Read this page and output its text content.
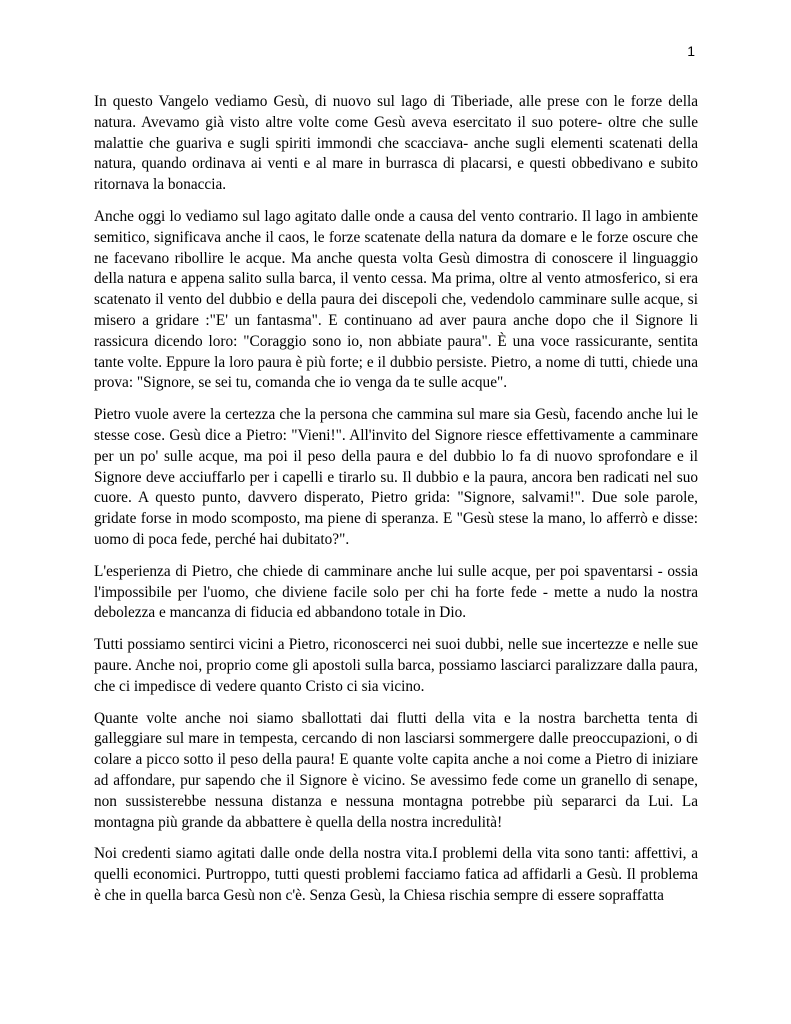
1

In questo Vangelo vediamo Gesù, di nuovo sul lago di Tiberiade, alle prese con le forze della natura. Avevamo già visto altre volte come Gesù aveva esercitato il suo potere- oltre che sulle malattie che guariva e sugli spiriti immondi che scacciava- anche sugli elementi scatenati della natura, quando ordinava ai venti e al mare in burrasca di placarsi, e questi obbedivano e subito ritornava la bonaccia.

Anche oggi lo vediamo sul lago agitato dalle onde a causa del vento contrario. Il lago in ambiente semitico, significava anche il caos, le forze scatenate della natura da domare e le forze oscure che ne facevano ribollire le acque. Ma anche questa volta Gesù dimostra di conoscere il linguaggio della natura e appena salito sulla barca, il vento cessa. Ma prima, oltre al vento atmosferico, si era scatenato il vento del dubbio e della paura dei discepoli che, vedendolo camminare sulle acque, si misero a gridare :"E' un fantasma". E continuano ad aver paura anche dopo che il Signore li rassicura dicendo loro: "Coraggio sono io, non abbiate paura". È una voce rassicurante, sentita tante volte. Eppure la loro paura è più forte; e il dubbio persiste. Pietro, a nome di tutti, chiede una prova: "Signore, se sei tu, comanda che io venga da te sulle acque".

Pietro vuole avere la certezza che la persona che cammina sul mare sia Gesù, facendo anche lui le stesse cose. Gesù dice a Pietro: "Vieni!". All'invito del Signore riesce effettivamente a camminare per un po' sulle acque, ma poi il peso della paura e del dubbio lo fa di nuovo sprofondare e il Signore deve acciuffarlo per i capelli e tirarlo su. Il dubbio e la paura, ancora ben radicati nel suo cuore. A questo punto, davvero disperato, Pietro grida: "Signore, salvami!". Due sole parole, gridate forse in modo scomposto, ma piene di speranza. E "Gesù stese la mano, lo afferrò e disse: uomo di poca fede, perché hai dubitato?".

L'esperienza di Pietro, che chiede di camminare anche lui sulle acque, per poi spaventarsi - ossia l'impossibile per l'uomo, che diviene facile solo per chi ha forte fede - mette a nudo la nostra debolezza e mancanza di fiducia ed abbandono totale in Dio.

Tutti possiamo sentirci vicini a Pietro, riconoscerci nei suoi dubbi, nelle sue incertezze e nelle sue paure. Anche noi, proprio come gli apostoli sulla barca, possiamo lasciarci paralizzare dalla paura, che ci impedisce di vedere quanto Cristo ci sia vicino.

Quante volte anche noi siamo sballottati dai flutti della vita e la nostra barchetta tenta di galleggiare sul mare in tempesta, cercando di non lasciarsi sommergere dalle preoccupazioni, o di colare a picco sotto il peso della paura! E quante volte capita anche a noi come a Pietro di iniziare ad affondare, pur sapendo che il Signore è vicino. Se avessimo fede come un granello di senape, non sussisterebbe nessuna distanza e nessuna montagna potrebbe più separarci da Lui. La montagna più grande da abbattere è quella della nostra incredulità!

Noi credenti siamo agitati dalle onde della nostra vita.I problemi della vita sono tanti: affettivi, a quelli economici. Purtroppo, tutti questi problemi facciamo fatica ad affidarli a Gesù. Il problema è che in quella barca Gesù non c'è. Senza Gesù, la Chiesa rischia sempre di essere sopraffatta
